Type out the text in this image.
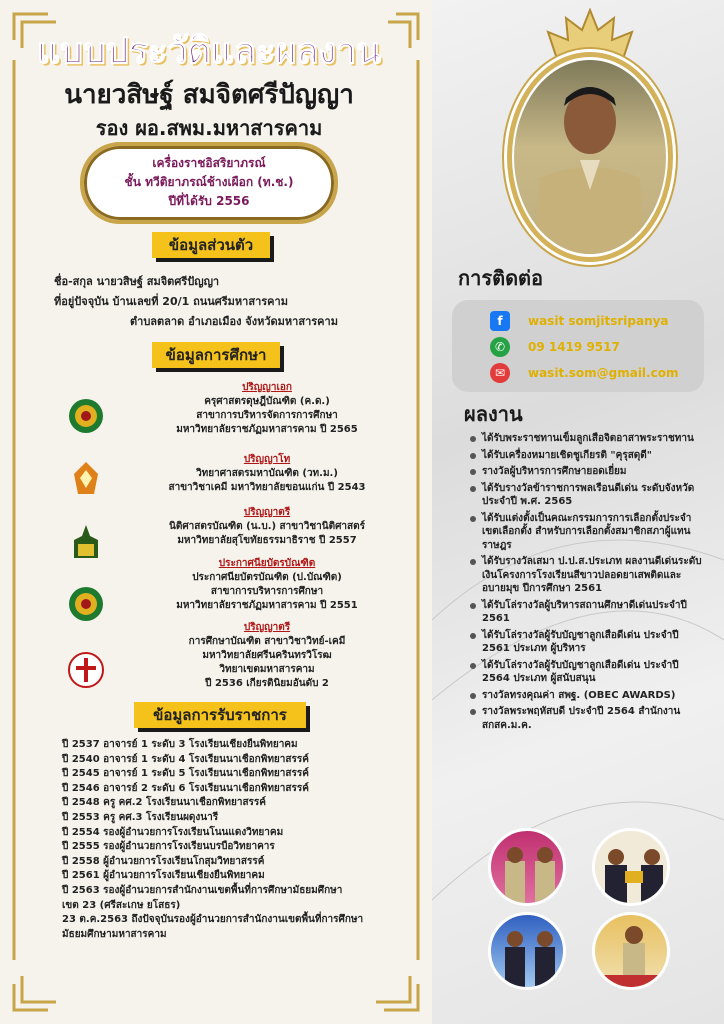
แบบประวัติและผลงาน
นายวสิษฐ์ สมจิตศรีปัญญา
รอง ผอ.สพม.มหาสารคาม
เครื่องราชอิสริยาภรณ์
ชั้น ทวีติยาภรณ์ช้างเผือก (ท.ช.)
ปีที่ได้รับ 2556
ข้อมูลส่วนตัว
ชื่อ-สกุล นายวสิษฐ์ สมจิตศรีปัญญา
ที่อยู่ปัจจุบัน บ้านเลขที่ 20/1 ถนนศรีมหาสารคาม
ตำบลตลาด อำเภอเมือง จังหวัดมหาสารคาม
ข้อมูลการศึกษา
ปริญญาเอก
ครุศาสตรดุษฎีบัณฑิต (ค.ด.)
สาขาการบริหารจัดการการศึกษา
มหาวิทยาลัยราชภัฏมหาสารคาม ปี 2565
ปริญญาโท
วิทยาศาสตรมหาบัณฑิต (วท.ม.)
สาขาวิชาเคมี มหาวิทยาลัยขอนแก่น ปี 2543
ปริญญาตรี
นิติศาสตรบัณฑิต (น.บ.) สาขาวิชานิติศาสตร์
มหาวิทยาลัยสุโขทัยธรรมาธิราช ปี 2557
ประกาศนียบัตรบัณฑิต
ประกาศนียบัตรบัณฑิต (ป.บัณฑิต)
สาขาการบริหารการศึกษา
มหาวิทยาลัยราชภัฏมหาสารคาม ปี 2551
ปริญญาตรี
การศึกษาบัณฑิต สาขาวิชาวิทย์-เคมี
มหาวิทยาลัยศรีนครินทรวิโรฒ
วิทยาเขตมหาสารคาม
ปี 2536 เกียรตินิยมอันดับ 2
ข้อมูลการรับราชการ
ปี 2537 อาจารย์ 1 ระดับ 3 โรงเรียนเชียงยืนพิทยาคม
ปี 2540 อาจารย์ 1 ระดับ 4 โรงเรียนนาเชือกพิทยาสรรค์
ปี 2545 อาจารย์ 1 ระดับ 5 โรงเรียนนาเชือกพิทยาสรรค์
ปี 2546 อาจารย์ 2 ระดับ 6 โรงเรียนนาเชือกพิทยาสรรค์
ปี 2548 ครู คศ.2 โรงเรียนนาเชือกพิทยาสรรค์
ปี 2553 ครู คศ.3 โรงเรียนผดุงนารี
ปี 2554 รองผู้อำนวยการโรงเรียนโนนแดงวิทยาคม
ปี 2555 รองผู้อำนวยการโรงเรียนบรบือวิทยาคาร
ปี 2558 ผู้อำนวยการโรงเรียนโกสุมวิทยาสรรค์
ปี 2561 ผู้อำนวยการโรงเรียนเชียงยืนพิทยาคม
ปี 2563 รองผู้อำนวยการสำนักงานเขตพื้นที่การศึกษามัธยมศึกษา
เขต 23 (ศรีสะเกษ ยโสธร)
23 ต.ค.2563 ถึงปัจจุบันรองผู้อำนวยการสำนักงานเขตพื้นที่การศึกษา
มัธยมศึกษามหาสารคาม
การติดต่อ
f	wasit somjitsripanya
✆	09 1419 9517
✉	wasit.som@gmail.com
ผลงาน
ได้รับพระราชทานเข็มลูกเสือจิตอาสาพระราชทาน
ได้รับเครื่องหมายเชิดชูเกียรติ "คุรุสดุดี"
รางวัลผู้บริหารการศึกษายอดเยี่ยม
ได้รับรางวัลข้าราชการพลเรือนดีเด่น ระดับจังหวัด ประจำปี พ.ศ. 2565
ได้รับแต่งตั้งเป็นคณะกรรมการการเลือกตั้งประจำเขตเลือกตั้ง สำหรับการเลือกตั้งสมาชิกสภาผู้แทนราษฎร
ได้รับรางวัลเสมา ป.ป.ส.ประเภท ผลงานดีเด่นระดับเงินโครงการโรงเรียนสีขาวปลอดยาเสพติดและอบายมุข ปีการศึกษา 2561
ได้รับโล่รางวัลผู้บริหารสถานศึกษาดีเด่นประจำปี 2561
ได้รับโล่รางวัลผู้รับบัญชาลูกเสือดีเด่น ประจำปี 2561 ประเภท ผู้บริหาร
ได้รับโล่รางวัลผู้รับบัญชาลูกเสือดีเด่น ประจำปี 2564 ประเภท ผู้สนับสนุน
รางวัลทรงคุณค่า สพฐ. (OBEC AWARDS)
รางวัลพระพฤหัสบดี ประจำปี 2564 สำนักงาน สกสค.ม.ค.
